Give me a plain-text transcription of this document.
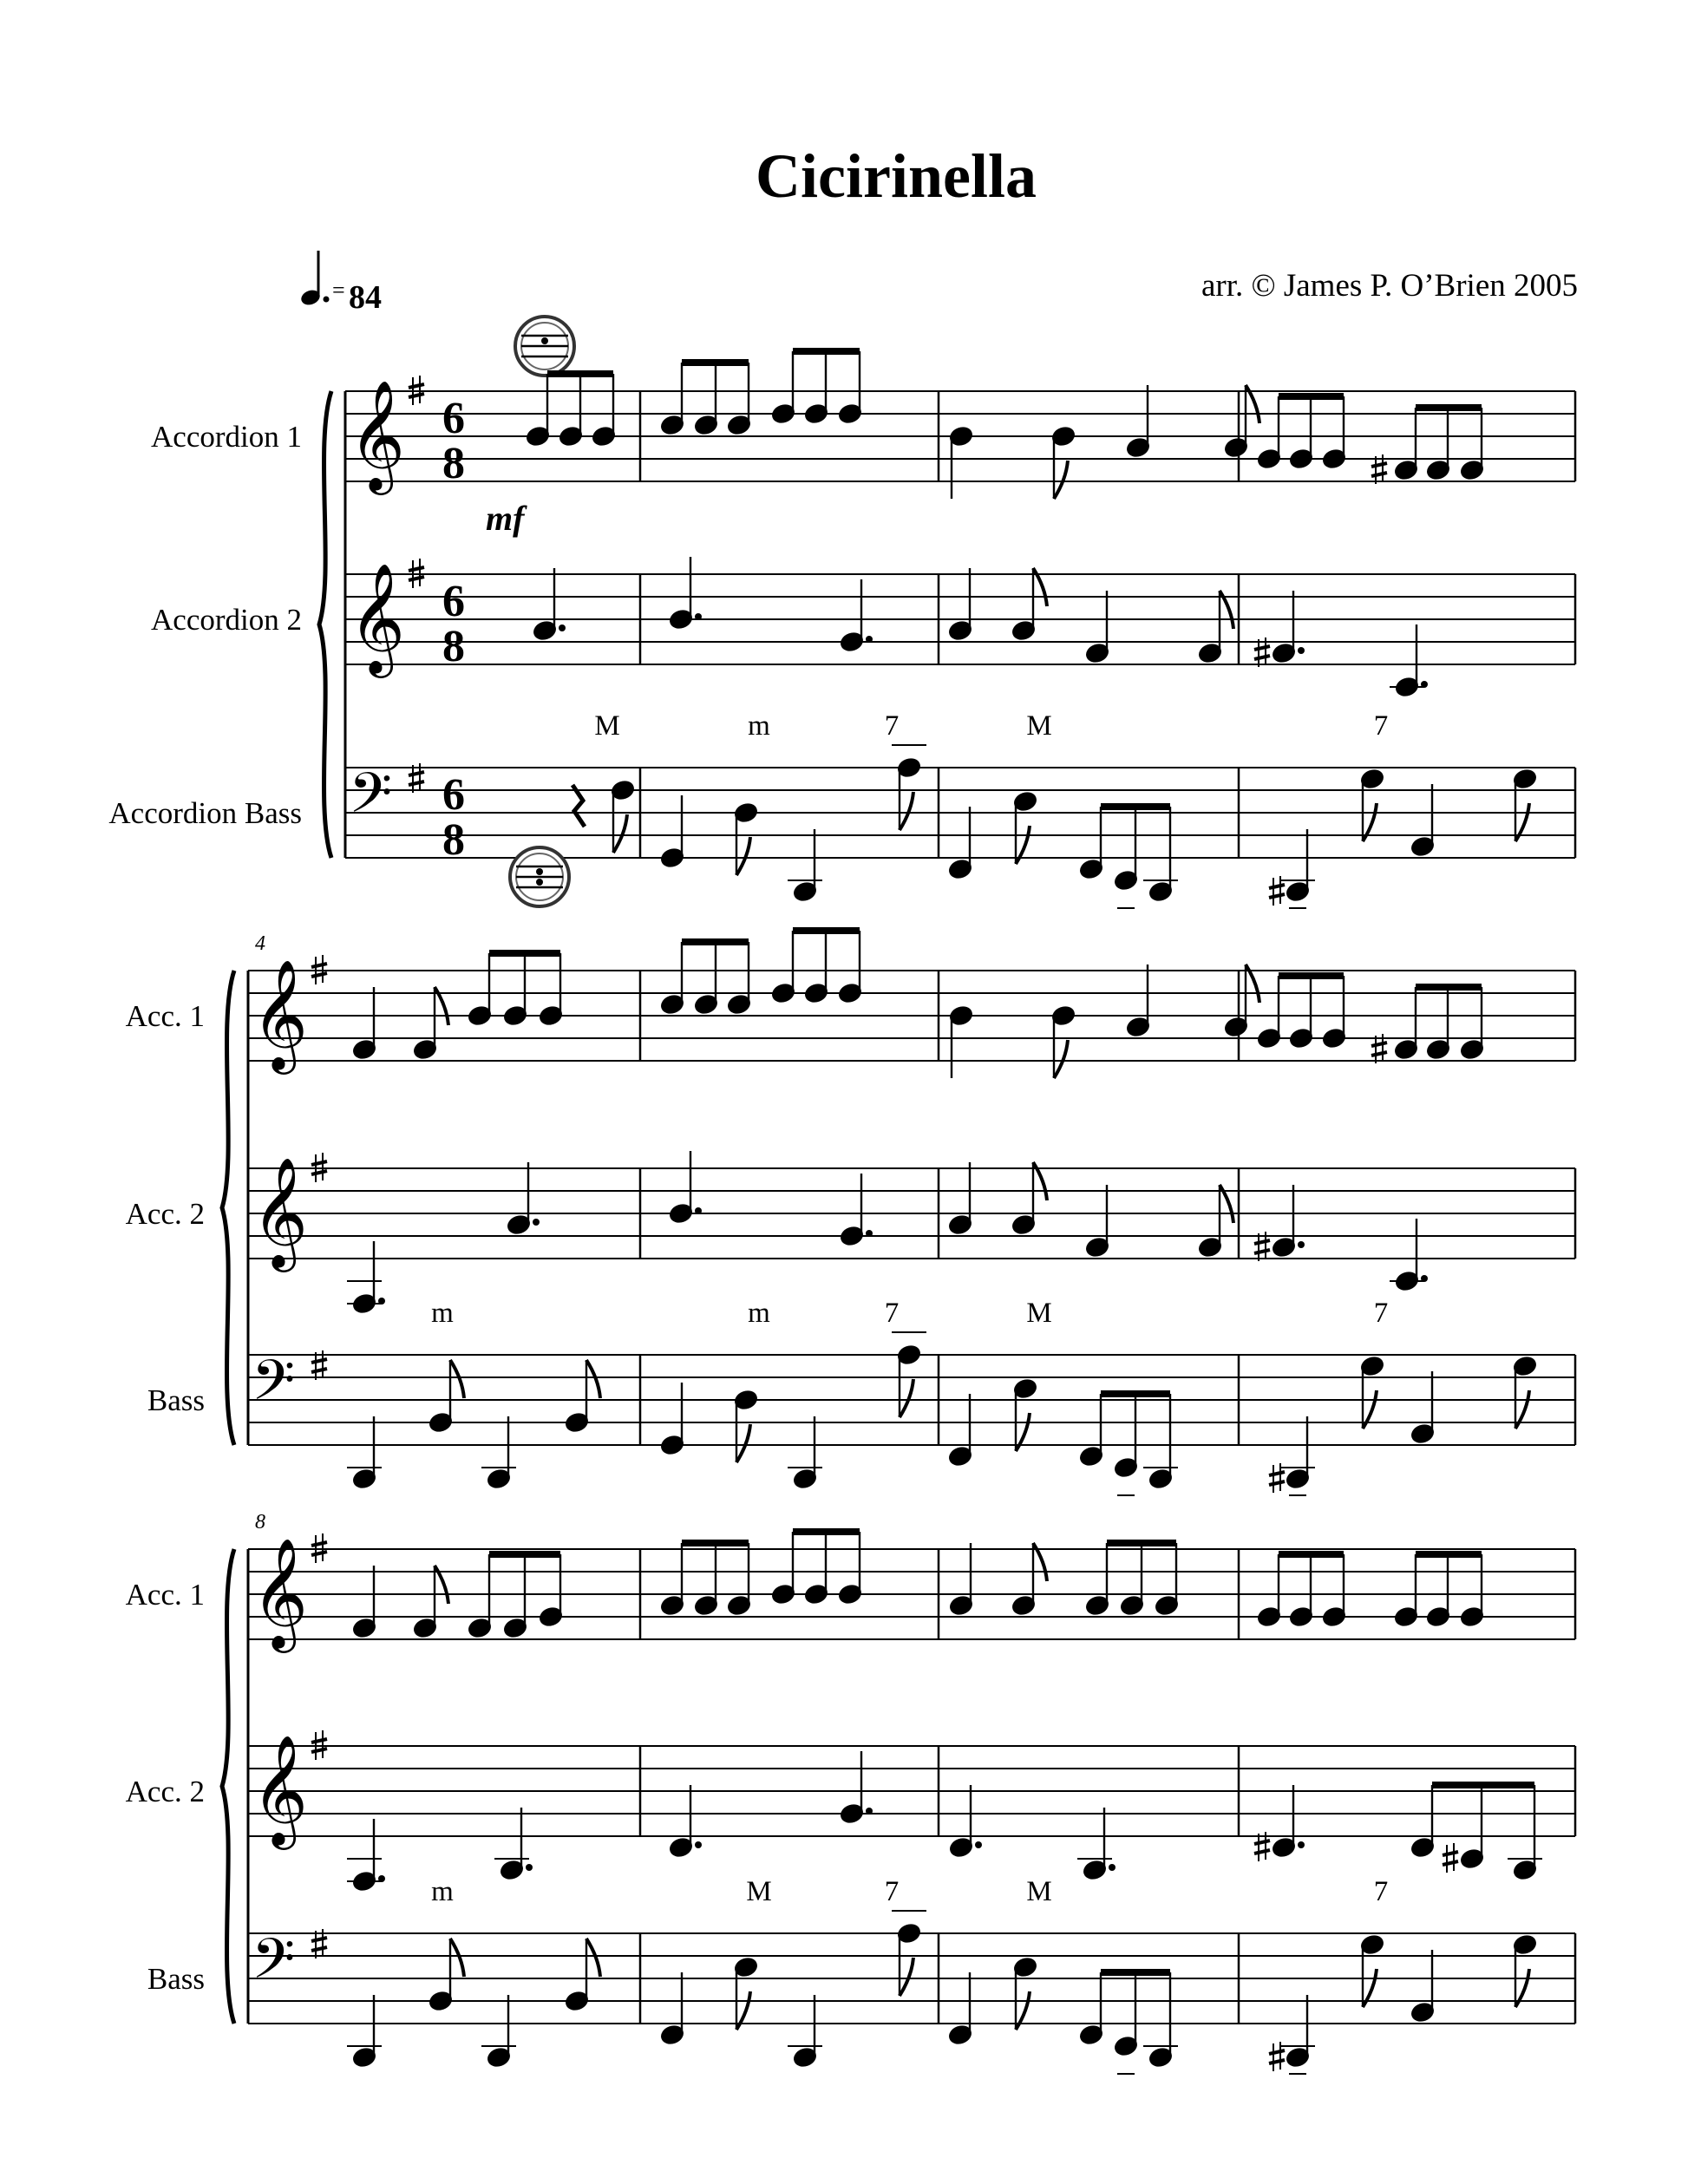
Cicirinella
arr. © James P. O’Brien 2005
= 84
Accordion 1 𝄞 6
8
Accordion 2 𝄞 6
8
Accordion Bass 𝄢 6
8
M	m	7	M	7
Acc. 1 𝄞
Acc. 2 𝄞
Bass 𝄢
m	m	7	M	7
4
Acc. 1 𝄞
Acc. 2 𝄞
Bass 𝄢
m	M	7	M	7
8
mf
